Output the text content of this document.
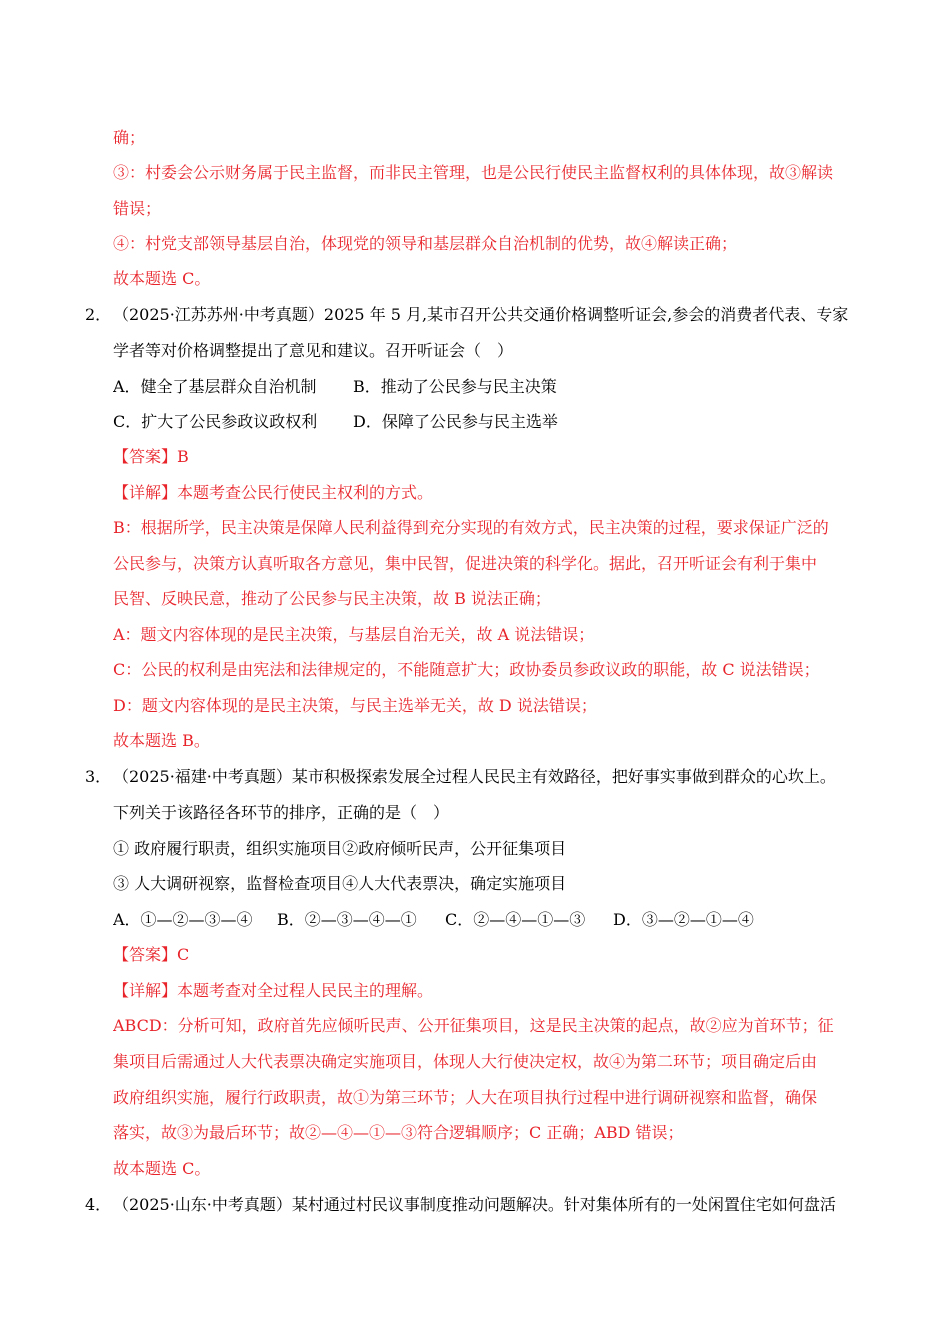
确；
③：村委会公示财务属于民主监督，而非民主管理，也是公民行使民主监督权利的具体体现，故③解读
错误；
④：村党支部领导基层自治，体现党的领导和基层群众自治机制的优势，故④解读正确；
故本题选 C。
2． （2025·江苏苏州·中考真题）2025 年 5 月,某市召开公共交通价格调整听证会,参会的消费者代表、专家
学者等对价格调整提出了意见和建议。召开听证会（　）
A．健全了基层群众自治机制 B．推动了公民参与民主决策
C．扩大了公民参政议政权利 D．保障了公民参与民主选举
【答案】B
【详解】本题考查公民行使民主权利的方式。
B：根据所学，民主决策是保障人民利益得到充分实现的有效方式，民主决策的过程，要求保证广泛的
公民参与，决策方认真听取各方意见，集中民智，促进决策的科学化。据此，召开听证会有利于集中
民智、反映民意，推动了公民参与民主决策，故 B 说法正确；
A：题文内容体现的是民主决策，与基层自治无关，故 A 说法错误；
C：公民的权利是由宪法和法律规定的，不能随意扩大；政协委员参政议政的职能，故 C 说法错误；
D：题文内容体现的是民主决策，与民主选举无关，故 D 说法错误；
故本题选 B。
3． （2025·福建·中考真题）某市积极探索发展全过程人民民主有效路径，把好事实事做到群众的心坎上。
下列关于该路径各环节的排序，正确的是（　）
① 政府履行职责，组织实施项目②政府倾听民声，公开征集项目
③ 人大调研视察，监督检查项目④人大代表票决，确定实施项目
A．①—②—③—④ B．②—③—④—① C．②—④—①—③ D．③—②—①—④
【答案】C
【详解】本题考查对全过程人民民主的理解。
ABCD：分析可知，政府首先应倾听民声、公开征集项目，这是民主决策的起点，故②应为首环节；征
集项目后需通过人大代表票决确定实施项目，体现人大行使决定权，故④为第二环节；项目确定后由
政府组织实施，履行行政职责，故①为第三环节；人大在项目执行过程中进行调研视察和监督，确保
落实，故③为最后环节；故②—④—①—③符合逻辑顺序；C 正确；ABD 错误；
故本题选 C。
4． （2025·山东·中考真题）某村通过村民议事制度推动问题解决。针对集体所有的一处闲置住宅如何盘活
